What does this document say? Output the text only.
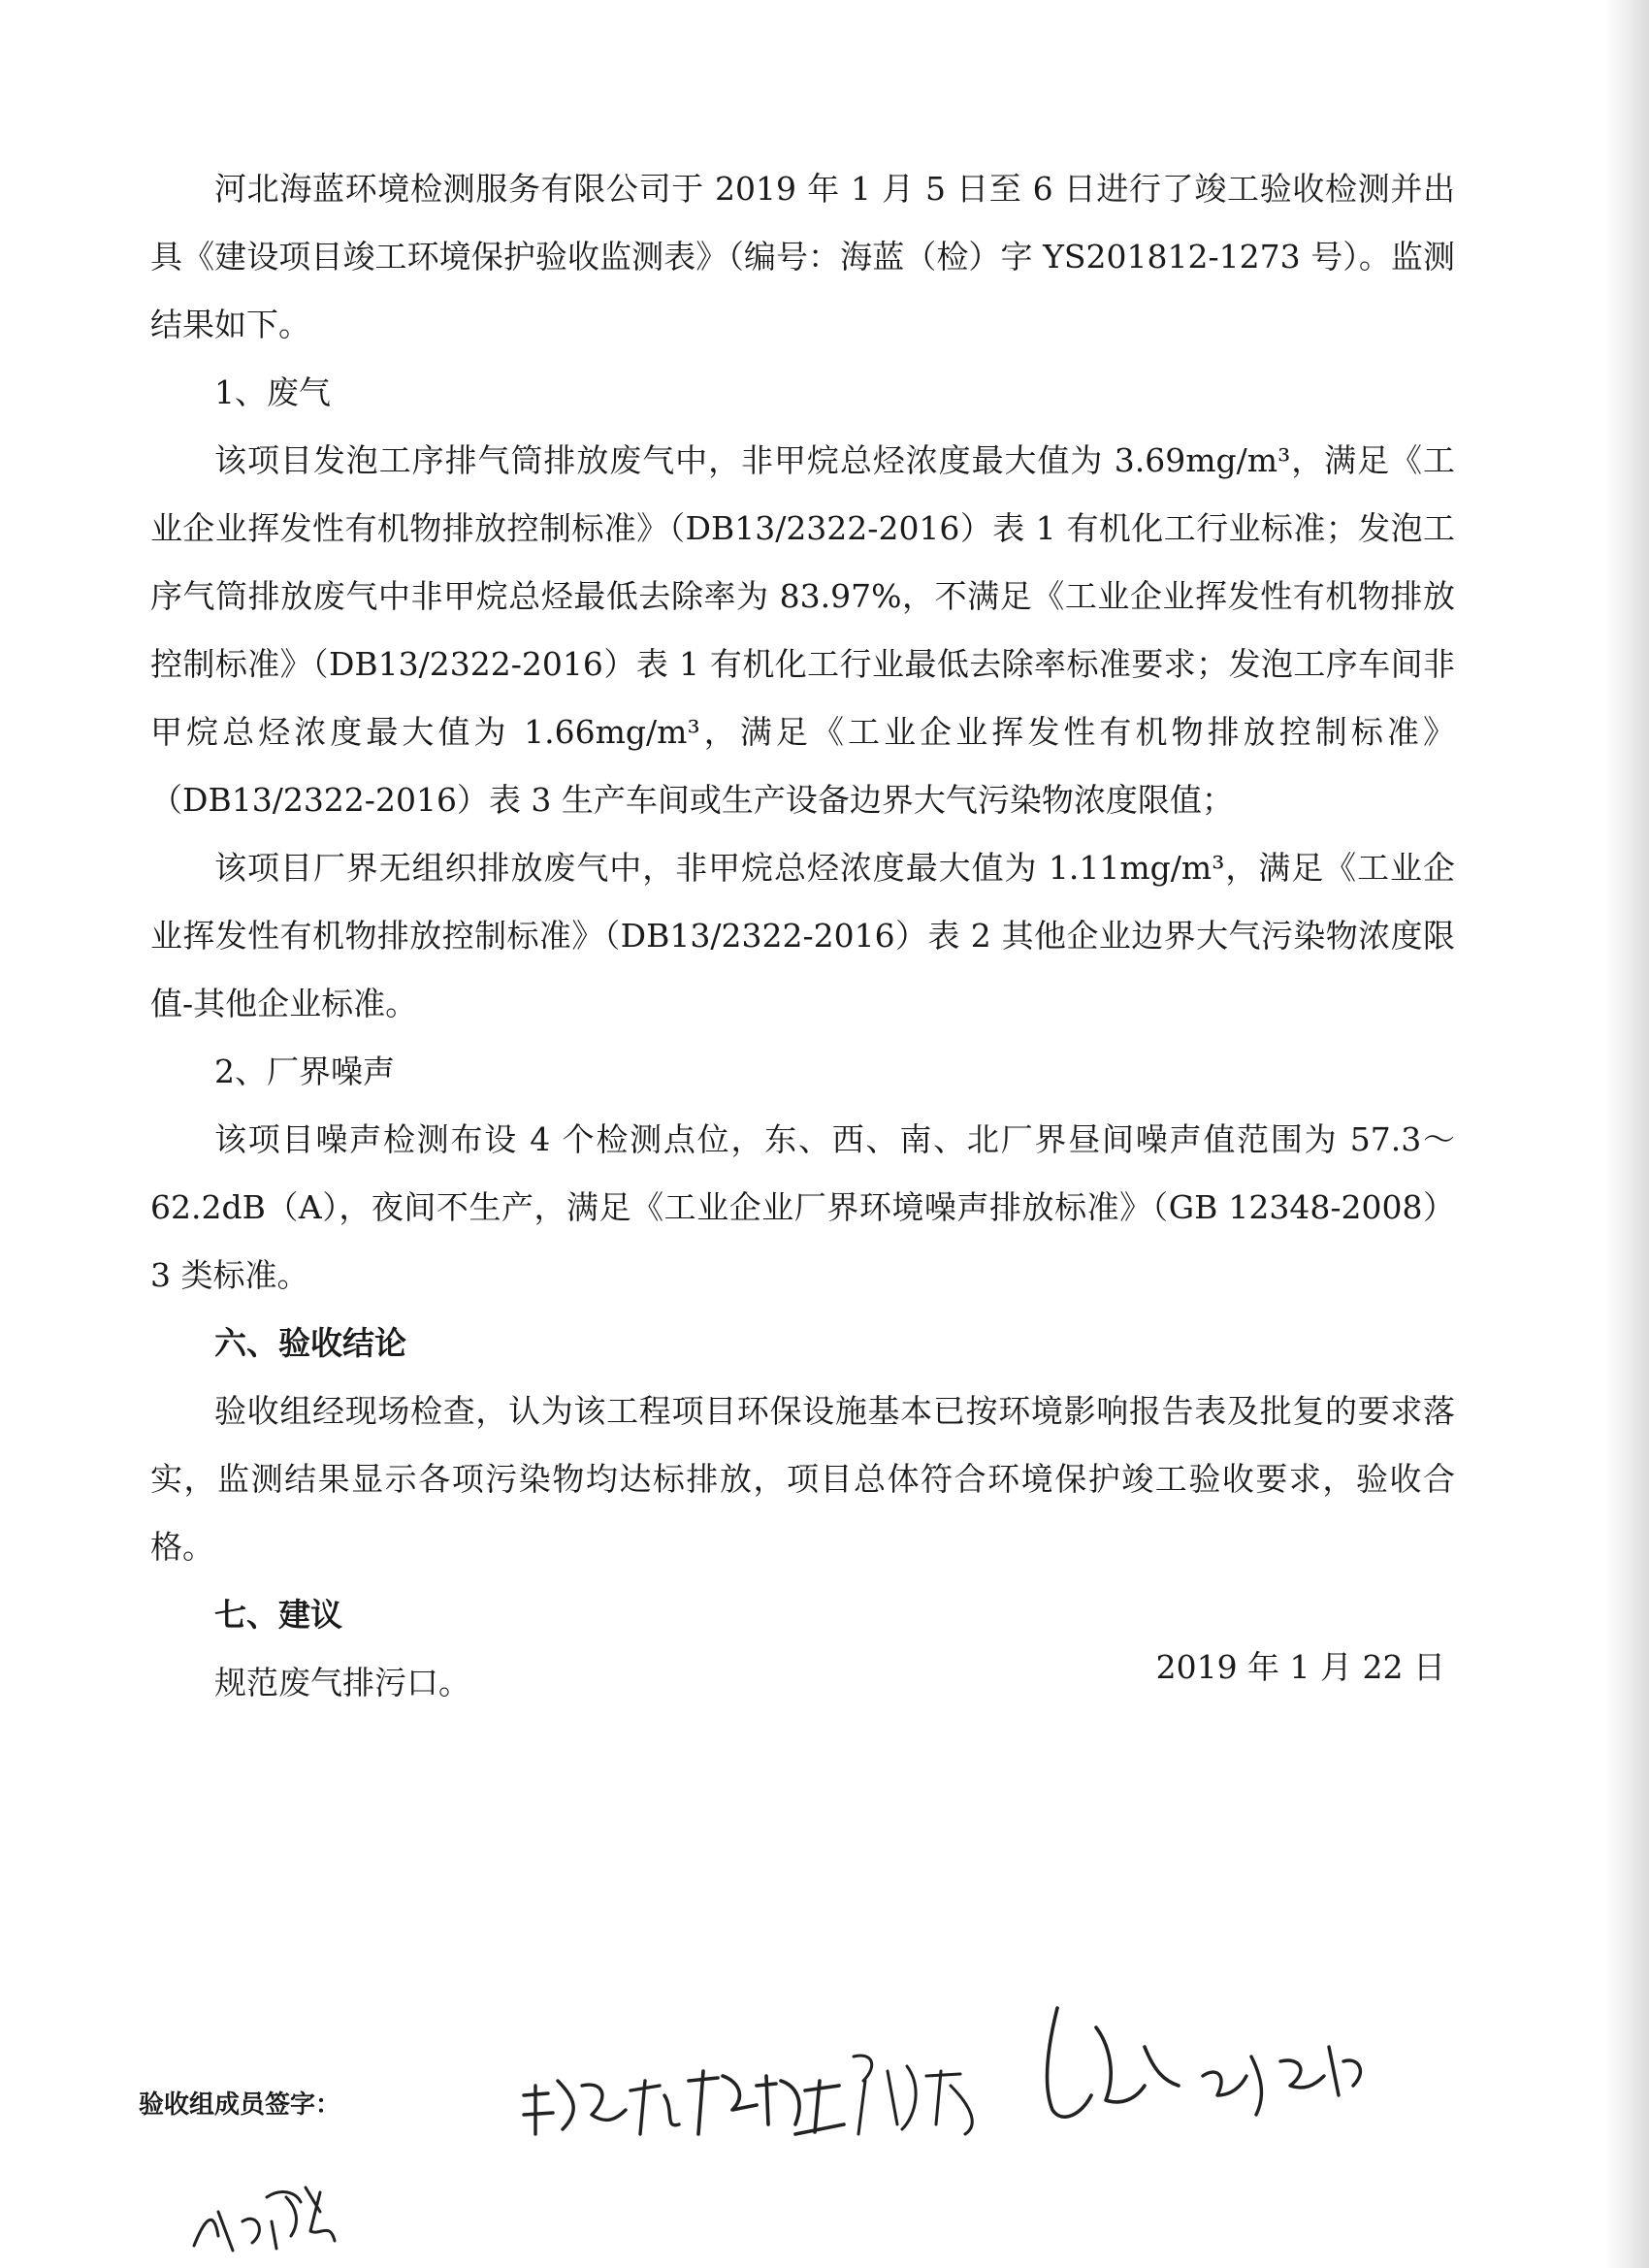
河北海蓝环境检测服务有限公司于 2019 年 1 月 5 日至 6 日进行了竣工验收检测并出具《建设项目竣工环境保护验收监测表》（编号：海蓝（检）字 YS201812-1273 号）。监测结果如下。

1、废气

该项目发泡工序排气筒排放废气中，非甲烷总烃浓度最大值为 3.69mg/m³，满足《工业企业挥发性有机物排放控制标准》（DB13/2322-2016）表 1 有机化工行业标准；发泡工序气筒排放废气中非甲烷总烃最低去除率为 83.97%，不满足《工业企业挥发性有机物排放控制标准》（DB13/2322-2016）表 1 有机化工行业最低去除率标准要求；发泡工序车间非甲烷总烃浓度最大值为 1.66mg/m³，满足《工业企业挥发性有机物排放控制标准》（DB13/2322-2016）表 3 生产车间或生产设备边界大气污染物浓度限值；

该项目厂界无组织排放废气中，非甲烷总烃浓度最大值为 1.11mg/m³，满足《工业企业挥发性有机物排放控制标准》（DB13/2322-2016）表 2 其他企业边界大气污染物浓度限值-其他企业标准。

2、厂界噪声

该项目噪声检测布设 4 个检测点位，东、西、南、北厂界昼间噪声值范围为 57.3～62.2dB（A），夜间不生产，满足《工业企业厂界环境噪声排放标准》（GB 12348-2008）3 类标准。

六、验收结论

验收组经现场检查，认为该工程项目环保设施基本已按环境影响报告表及批复的要求落实，监测结果显示各项污染物均达标排放，项目总体符合环境保护竣工验收要求，验收合格。

七、建议

规范废气排污口。	2019 年 1 月 22 日
验收组成员签字：
